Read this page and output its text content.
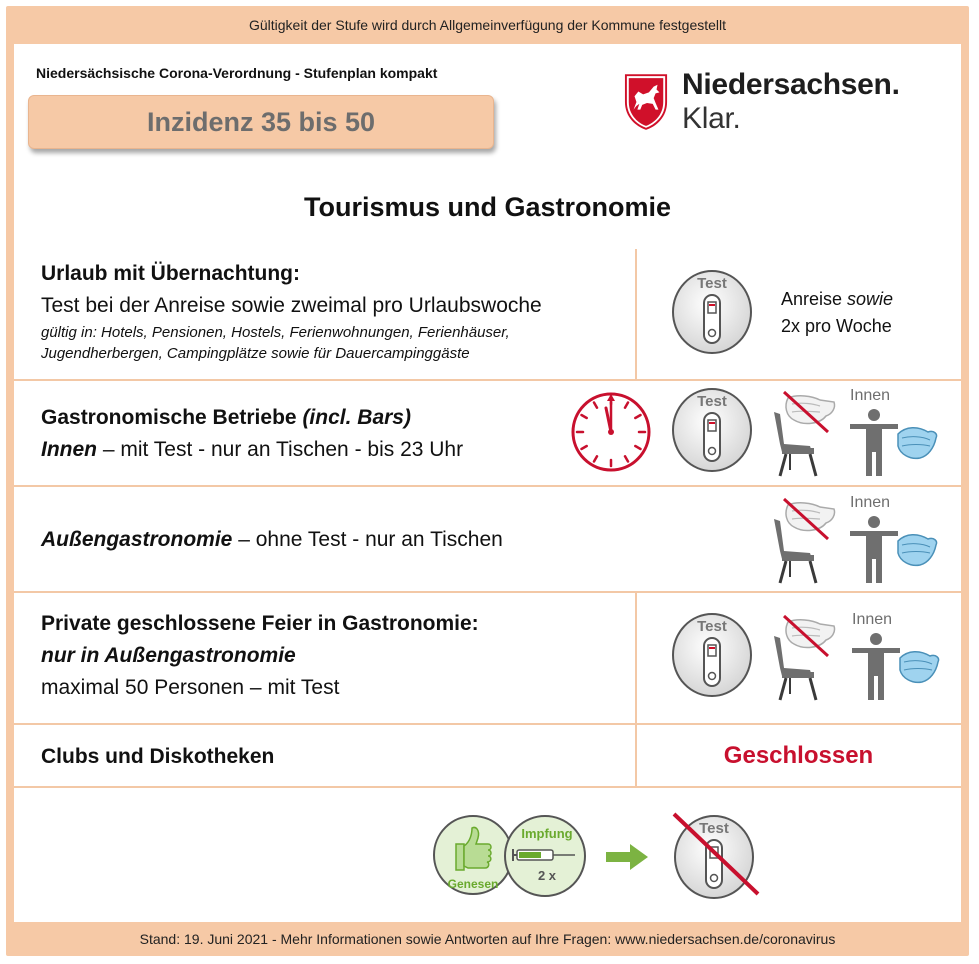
Gültigkeit der Stufe wird durch Allgemeinverfügung der Kommune festgestellt
Niedersächsische Corona-Verordnung - Stufenplan kompakt
Inzidenz 35 bis 50
Niedersachsen. Klar.
Tourismus und Gastronomie
Urlaub mit Übernachtung:
Test bei der Anreise sowie zweimal pro Urlaubswoche
gültig in: Hotels, Pensionen, Hostels, Ferienwohnungen, Ferienhäuser,
Jugendherbergen, Campingplätze sowie für Dauercampinggäste
Test
Anreise sowie
2x pro Woche
Gastronomische Betriebe (incl. Bars)
Innen – mit Test - nur an Tischen - bis 23 Uhr
Test	Innen
Außengastronomie – ohne Test - nur an Tischen
Innen
Private geschlossene Feier in Gastronomie:
nur in Außengastronomie
maximal 50 Personen – mit Test
Test	Innen
Clubs und Diskotheken	Geschlossen
Genesen
Impfung
2 x
Test
Stand: 19. Juni 2021 - Mehr Informationen sowie Antworten auf Ihre Fragen: www.niedersachsen.de/coronavirus
